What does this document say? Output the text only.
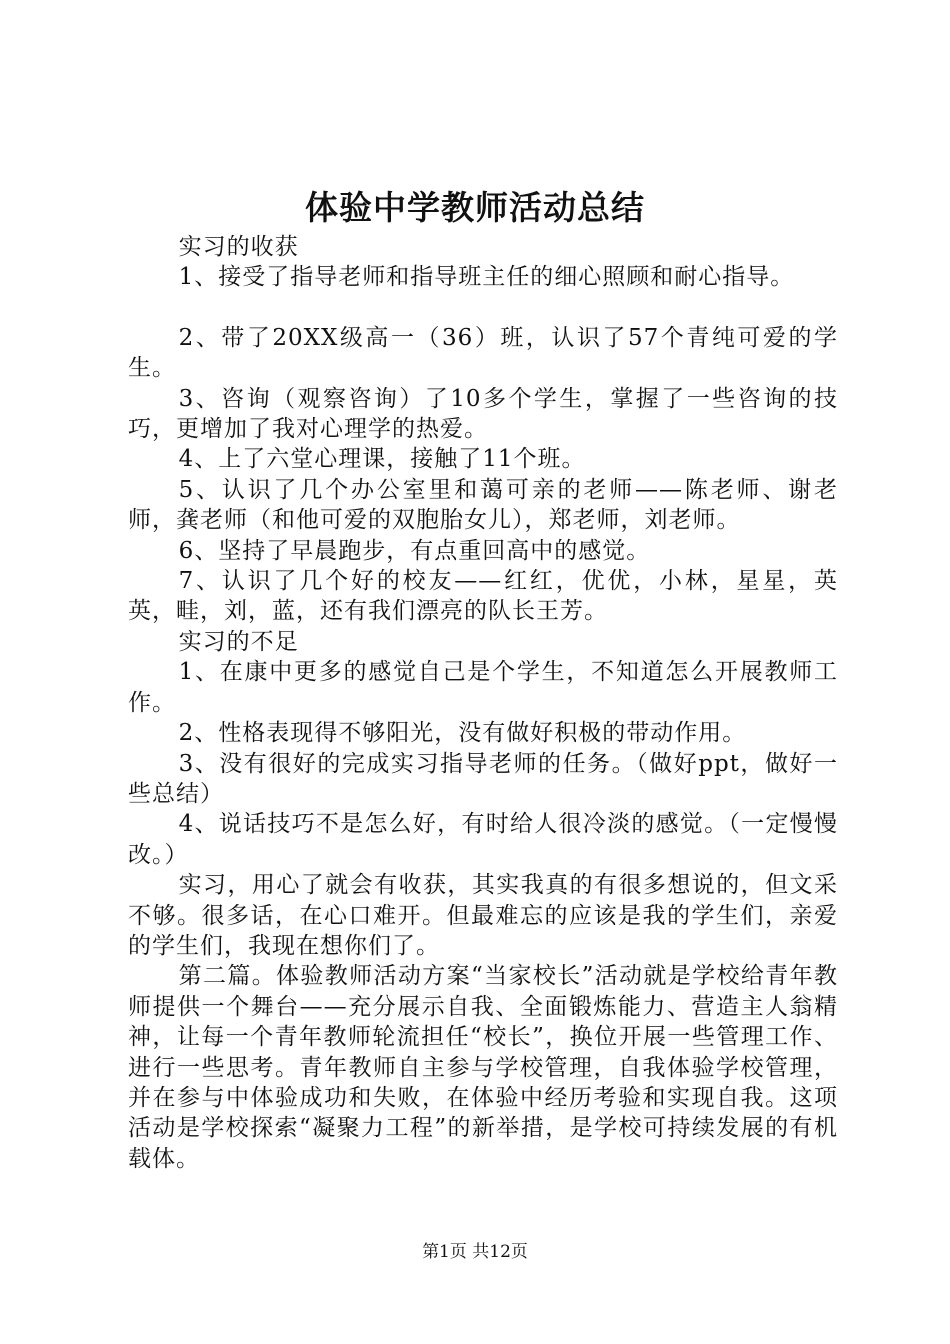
体验中学教师活动总结

实习的收获

1、接受了指导老师和指导班主任的细心照顾和耐心指导。

2、带了20XX级高一（36）班，认识了57个青纯可爱的学生。

3、咨询（观察咨询）了10多个学生，掌握了一些咨询的技巧，更增加了我对心理学的热爱。

4、上了六堂心理课，接触了11个班。

5、认识了几个办公室里和蔼可亲的老师——陈老师、谢老师，龚老师（和他可爱的双胞胎女儿），郑老师，刘老师。

6、坚持了早晨跑步，有点重回高中的感觉。

7、认识了几个好的校友——红红，优优，小林，星星，英英，畦，刘，蓝，还有我们漂亮的队长王芳。

实习的不足

1、在康中更多的感觉自己是个学生，不知道怎么开展教师工作。

2、性格表现得不够阳光，没有做好积极的带动作用。

3、没有很好的完成实习指导老师的任务。（做好ppt，做好一些总结）

4、说话技巧不是怎么好，有时给人很冷淡的感觉。（一定慢慢改。）

实习，用心了就会有收获，其实我真的有很多想说的，但文采不够。很多话，在心口难开。但最难忘的应该是我的学生们，亲爱的学生们，我现在想你们了。

第二篇。体验教师活动方案“当家校长”活动就是学校给青年教师提供一个舞台——充分展示自我、全面锻炼能力、营造主人翁精神，让每一个青年教师轮流担任“校长”，换位开展一些管理工作、进行一些思考。青年教师自主参与学校管理，自我体验学校管理，并在参与中体验成功和失败，在体验中经历考验和实现自我。这项活动是学校探索“凝聚力工程”的新举措，是学校可持续发展的有机载体。

第1页 共12页
